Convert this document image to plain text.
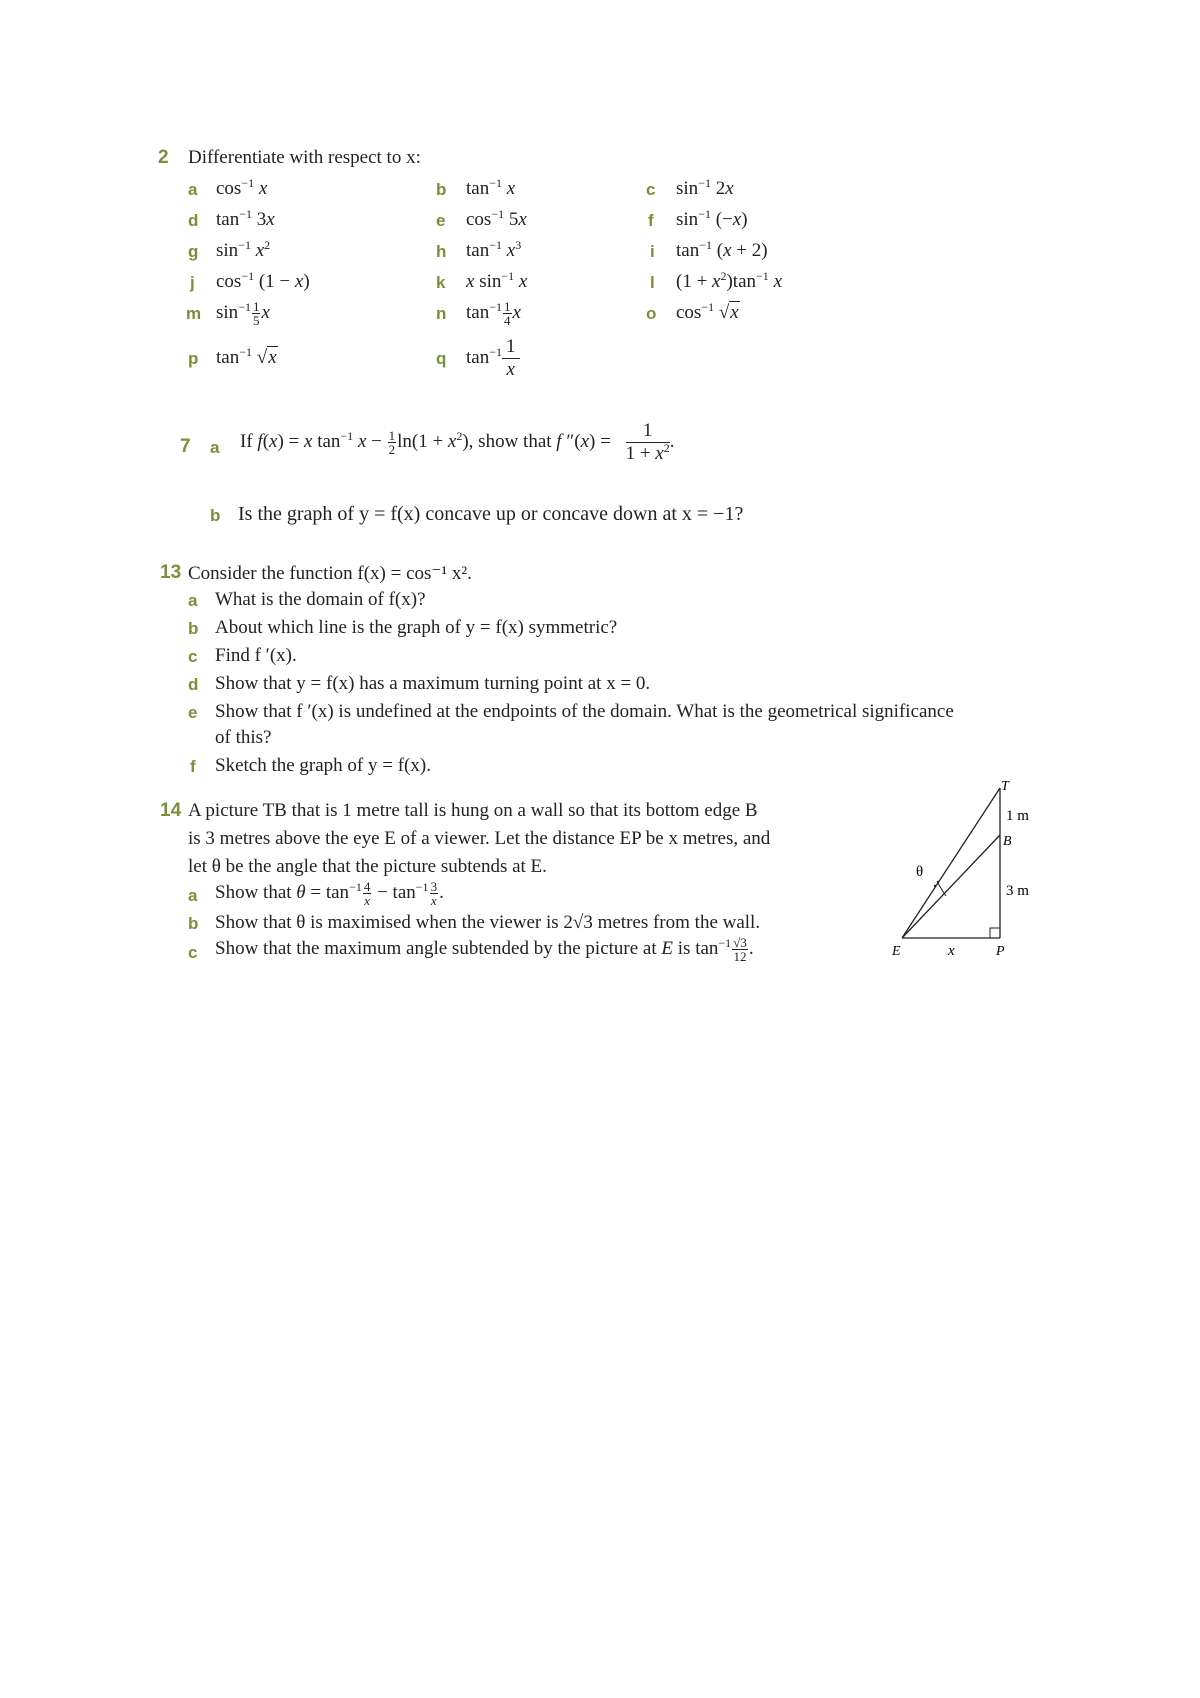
2 Differentiate with respect to x:
a $\cos^{-1} x$	b $\tan^{-1} x$	c $\sin^{-1} 2x$
d $\tan^{-1} 3x$	e $\cos^{-1} 5x$	f $\sin^{-1} (-x)$
g $\sin^{-1} x^2$	h $\tan^{-1} x^3$	i $\tan^{-1} (x + 2)$
j $\cos^{-1} (1 - x)$	k x $\sin^{-1} x$	l $(1 + x^2)\tan^{-1}$ x
m $\sin^{-1} \frac{1}{5}$ x	n $\tan^{-1} \frac{1}{4}$ x	o $\cos^{-1} √x$
p $\tan^{-1} √x$	q $\tan^{-1} \frac{1}{x}$
7 a If f(x) = x $\tan^{-1} x - \frac{1}{2} \ln(1 + x^2)$, show that f $''(x) = \frac{1}{1 + x^2}$ .
b Is the graph of y = f(x) concave up or concave down at x = −1?
13 Consider the function f(x) = cos⁻¹ x².
a What is the domain of f(x)?
b About which line is the graph of y = f(x) symmetric?
c Find f ′(x).
d Show that y = f(x) has a maximum turning point at x = 0.
e Show that f ′(x) is undefined at the endpoints of the domain. What is the geometrical significance
of this?
f Sketch the graph of y = f(x).
14 A picture TB that is 1 metre tall is hung on a wall so that its bottom edge B
is 3 metres above the eye E of a viewer. Let the distance EP be x metres, and
let θ be the angle that the picture subtends at E.
a Show that $\theta = \tan^{-1} \frac{4}{x} - \tan^{-1} \frac{3}{x}$ .
b Show that θ is maximised when the viewer is 2√3 metres from the wall.
c Show that the maximum angle subtended by the picture at E is $\tan^{-1} \frac{√3}{12}$ .
T
B
1 m
3 m
θ
E	x	P
